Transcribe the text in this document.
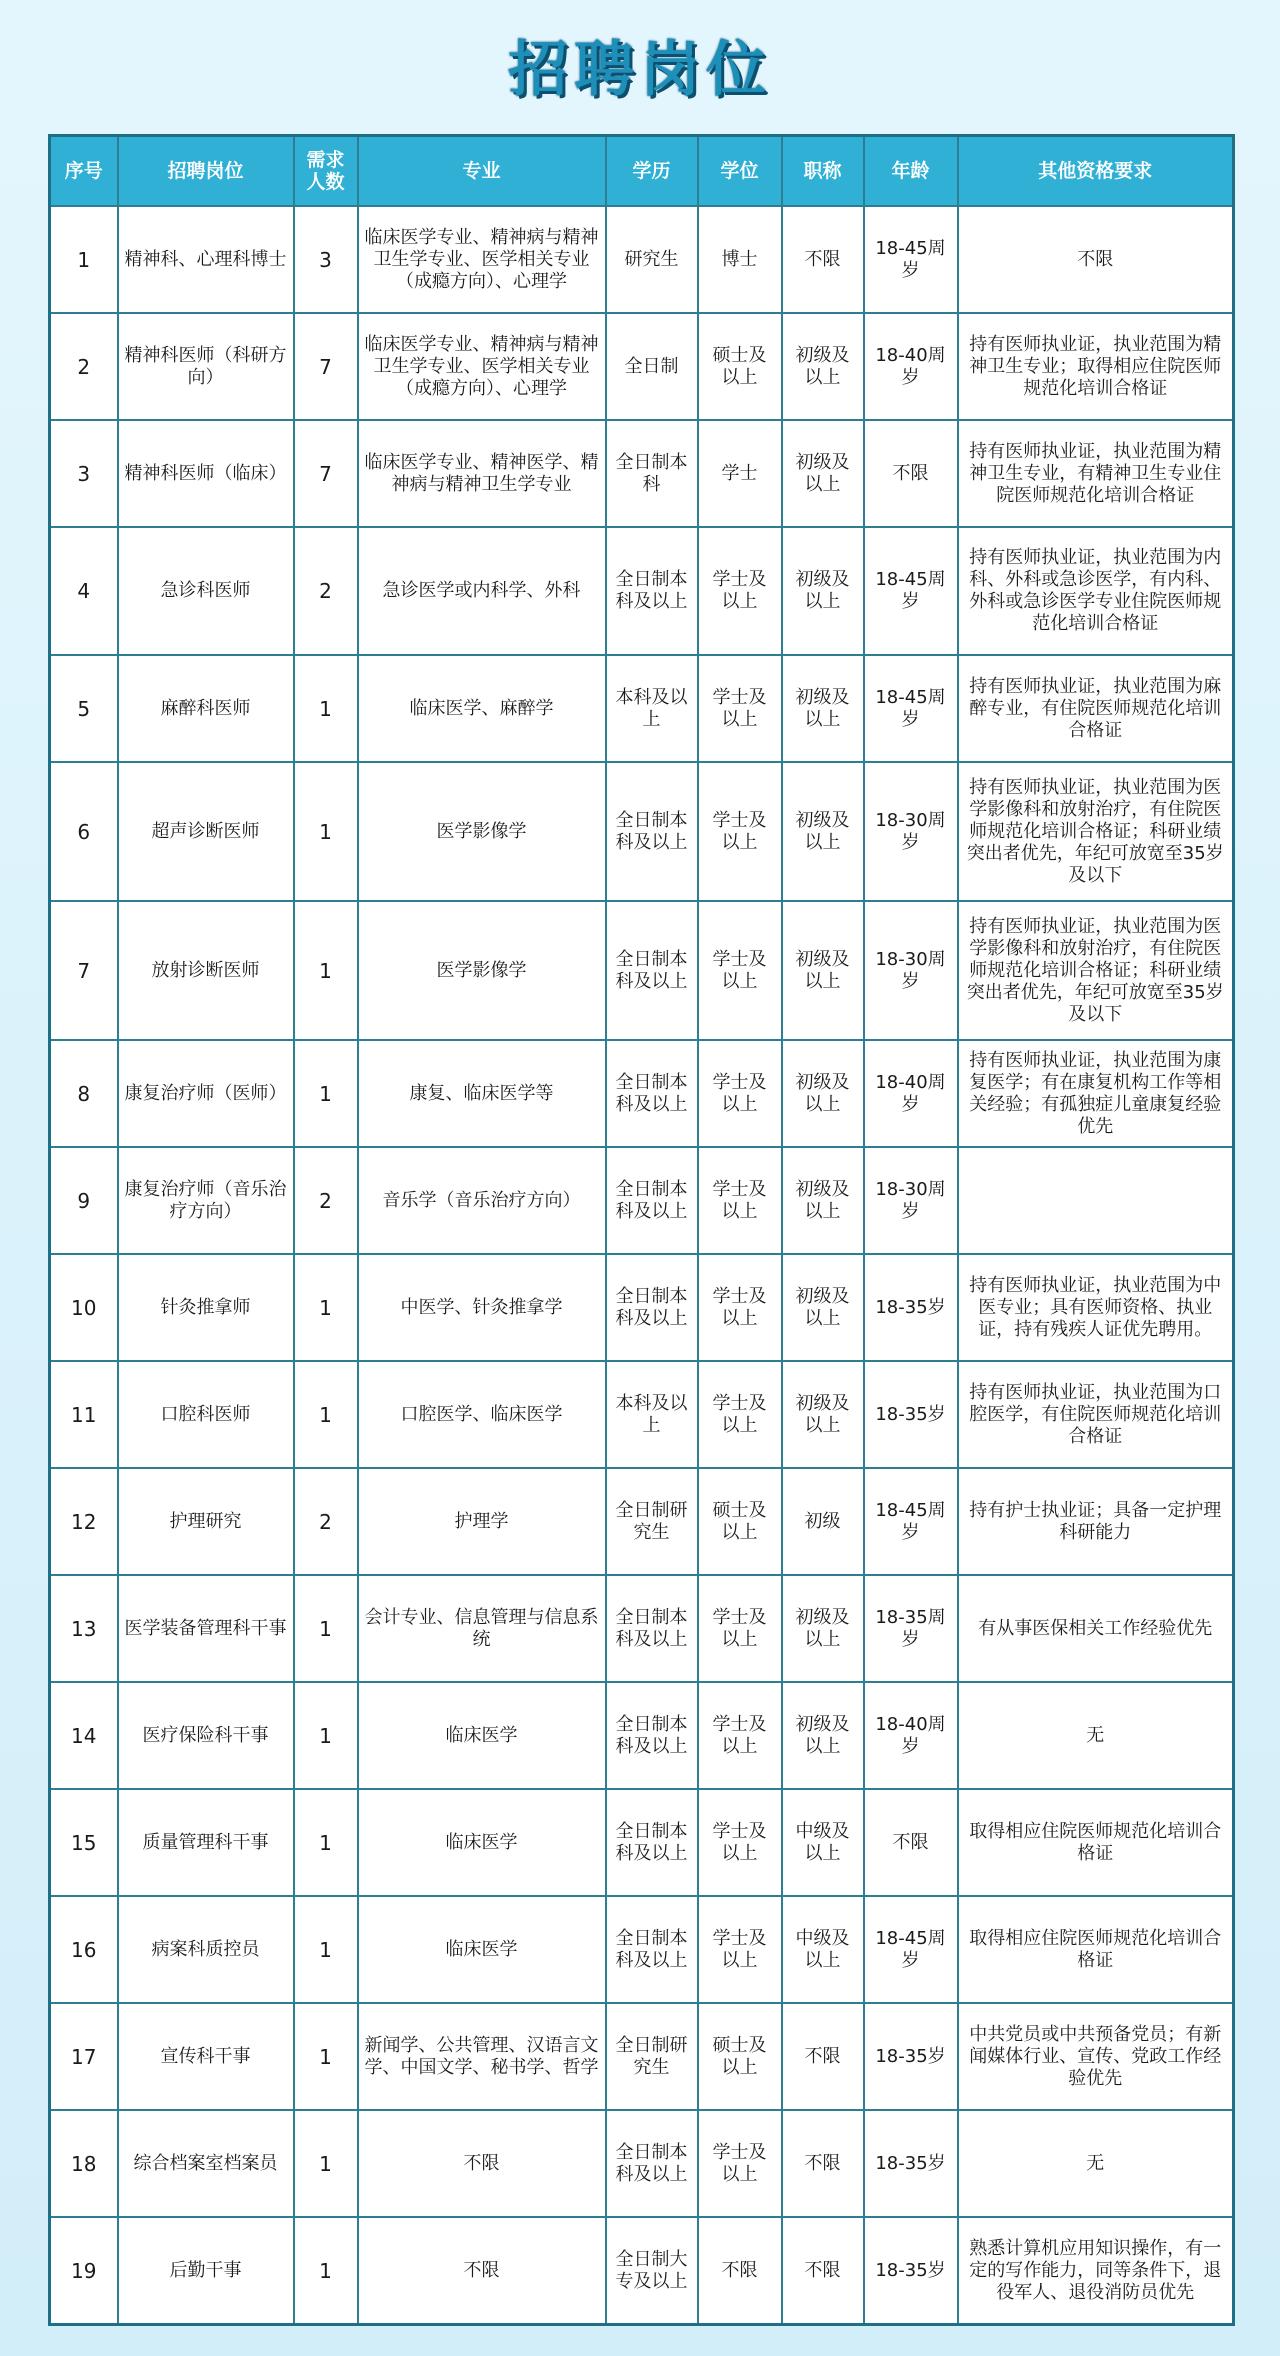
招聘岗位
序号	招聘岗位	需求人数	专业	学历	学位	职称	年龄	其他资格要求
1	精神科、心理科博士	3	临床医学专业、精神病与精神卫生学专业、医学相关专业（成瘾方向）、心理学	研究生	博士	不限	18-45周岁	不限
2	精神科医师（科研方向）	7	临床医学专业、精神病与精神卫生学专业、医学相关专业（成瘾方向）、心理学	全日制	硕士及以上	初级及以上	18-40周岁	持有医师执业证，执业范围为精神卫生专业；取得相应住院医师规范化培训合格证
3	精神科医师（临床）	7	临床医学专业、精神医学、精神病与精神卫生学专业	全日制本科	学士	初级及以上	不限	持有医师执业证，执业范围为精神卫生专业，有精神卫生专业住院医师规范化培训合格证
4	急诊科医师	2	急诊医学或内科学、外科	全日制本科及以上	学士及以上	初级及以上	18-45周岁	持有医师执业证，执业范围为内科、外科或急诊医学，有内科、外科或急诊医学专业住院医师规范化培训合格证
5	麻醉科医师	1	临床医学、麻醉学	本科及以上	学士及以上	初级及以上	18-45周岁	持有医师执业证，执业范围为麻醉专业，有住院医师规范化培训合格证
6	超声诊断医师	1	医学影像学	全日制本科及以上	学士及以上	初级及以上	18-30周岁	持有医师执业证，执业范围为医学影像科和放射治疗，有住院医师规范化培训合格证；科研业绩突出者优先，年纪可放宽至35岁及以下
7	放射诊断医师	1	医学影像学	全日制本科及以上	学士及以上	初级及以上	18-30周岁	持有医师执业证，执业范围为医学影像科和放射治疗，有住院医师规范化培训合格证；科研业绩突出者优先，年纪可放宽至35岁及以下
8	康复治疗师（医师）	1	康复、临床医学等	全日制本科及以上	学士及以上	初级及以上	18-40周岁	持有医师执业证，执业范围为康复医学；有在康复机构工作等相关经验；有孤独症儿童康复经验优先
9	康复治疗师（音乐治疗方向）	2	音乐学（音乐治疗方向）	全日制本科及以上	学士及以上	初级及以上	18-30周岁	
10	针灸推拿师	1	中医学、针灸推拿学	全日制本科及以上	学士及以上	初级及以上	18-35岁	持有医师执业证，执业范围为中医专业；具有医师资格、执业证，持有残疾人证优先聘用。
11	口腔科医师	1	口腔医学、临床医学	本科及以上	学士及以上	初级及以上	18-35岁	持有医师执业证，执业范围为口腔医学，有住院医师规范化培训合格证
12	护理研究	2	护理学	全日制研究生	硕士及以上	初级	18-45周岁	持有护士执业证；具备一定护理科研能力
13	医学装备管理科干事	1	会计专业、信息管理与信息系统	全日制本科及以上	学士及以上	初级及以上	18-35周岁	有从事医保相关工作经验优先
14	医疗保险科干事	1	临床医学	全日制本科及以上	学士及以上	初级及以上	18-40周岁	无
15	质量管理科干事	1	临床医学	全日制本科及以上	学士及以上	中级及以上	不限	取得相应住院医师规范化培训合格证
16	病案科质控员	1	临床医学	全日制本科及以上	学士及以上	中级及以上	18-45周岁	取得相应住院医师规范化培训合格证
17	宣传科干事	1	新闻学、公共管理、汉语言文学、中国文学、秘书学、哲学	全日制研究生	硕士及以上	不限	18-35岁	中共党员或中共预备党员；有新闻媒体行业、宣传、党政工作经验优先
18	综合档案室档案员	1	不限	全日制本科及以上	学士及以上	不限	18-35岁	无
19	后勤干事	1	不限	全日制大专及以上	不限	不限	18-35岁	熟悉计算机应用知识操作，有一定的写作能力，同等条件下，退役军人、退役消防员优先
